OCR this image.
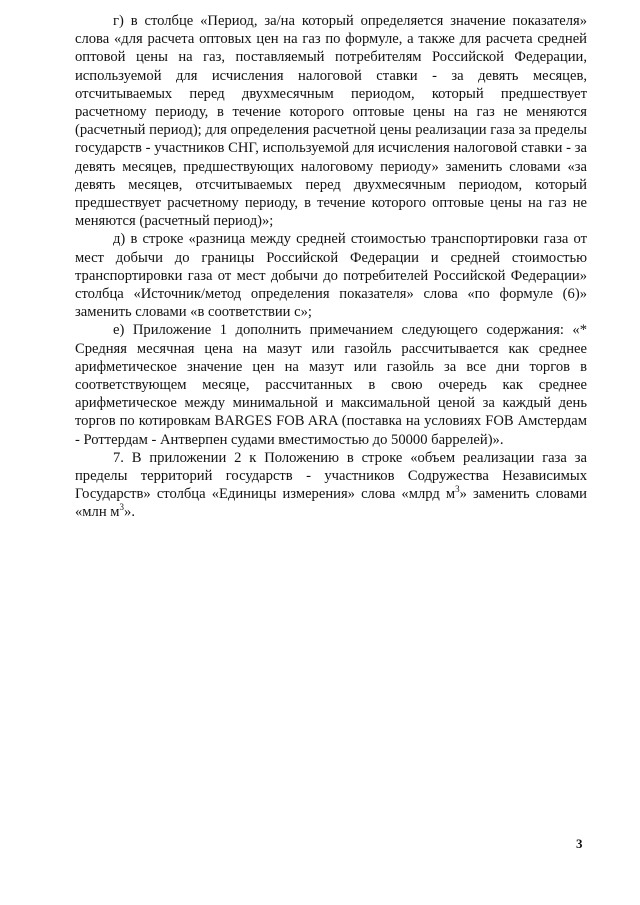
г) в столбце «Период, за/на который определяется значение показателя» слова «для расчета оптовых цен на газ по формуле, а также для расчета средней оптовой цены на газ, поставляемый потребителям Российской Федерации, используемой для исчисления налоговой ставки - за девять месяцев, отсчитываемых перед двухмесячным периодом, который предшествует расчетному периоду, в течение которого оптовые цены на газ не меняются (расчетный период); для определения расчетной цены реализации газа за пределы государств - участников СНГ, используемой для исчисления налоговой ставки - за девять месяцев, предшествующих налоговому периоду» заменить словами «за девять месяцев, отсчитываемых перед двухмесячным периодом, который предшествует расчетному периоду, в течение которого оптовые цены на газ не меняются (расчетный период)»;

д) в строке «разница между средней стоимостью транспортировки газа от мест добычи до границы Российской Федерации и средней стоимостью транспортировки газа от мест добычи до потребителей Российской Федерации» столбца «Источник/метод определения показателя» слова «по формуле (6)» заменить словами «в соответствии с»;

е) Приложение 1 дополнить примечанием следующего содержания: «* Средняя месячная цена на мазут или газойль рассчитывается как среднее арифметическое значение цен на мазут или газойль за все дни торгов в соответствующем месяце, рассчитанных в свою очередь как среднее арифметическое между минимальной и максимальной ценой за каждый день торгов по котировкам BARGES FOB ARA (поставка на условиях FOB Амстердам - Роттердам - Антверпен судами вместимостью до 50000 баррелей)».

7. В приложении 2 к Положению в строке «объем реализации газа за пределы территорий государств - участников Содружества Независимых Государств» столбца «Единицы измерения» слова «млрд $м^3$» заменить словами «млн $м^3$».

3
